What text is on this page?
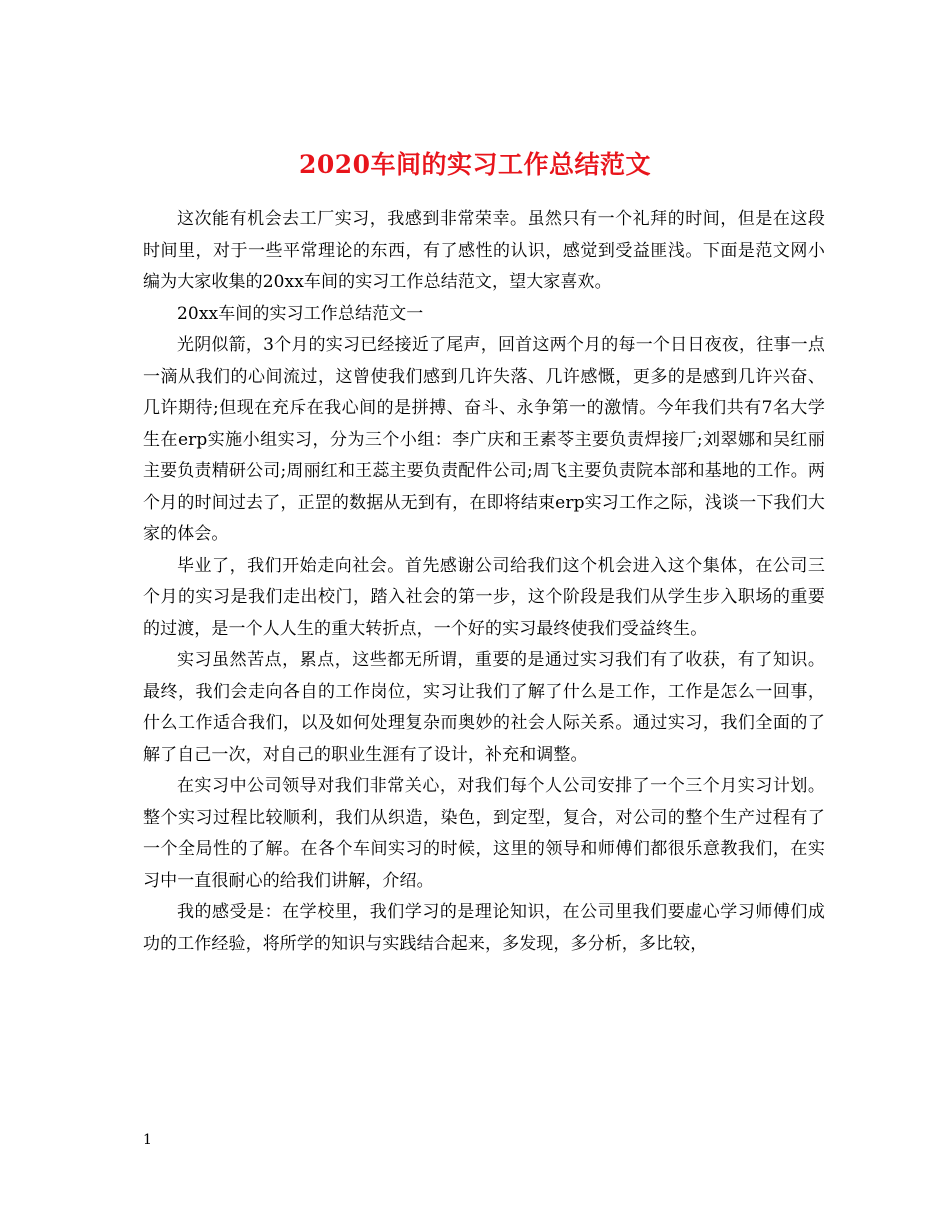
2020车间的实习工作总结范文

这次能有机会去工厂实习，我感到非常荣幸。虽然只有一个礼拜的时间，但是在这段时间里，对于一些平常理论的东西，有了感性的认识，感觉到受益匪浅。下面是范文网小编为大家收集的20xx车间的实习工作总结范文，望大家喜欢。

20xx车间的实习工作总结范文一

光阴似箭，3个月的实习已经接近了尾声，回首这两个月的每一个日日夜夜，往事一点一滴从我们的心间流过，这曾使我们感到几许失落、几许感慨，更多的是感到几许兴奋、几许期待;但现在充斥在我心间的是拼搏、奋斗、永争第一的激情。今年我们共有7名大学生在erp实施小组实习，分为三个小组：李广庆和王素苓主要负责焊接厂;刘翠娜和吴红丽主要负责精研公司;周丽红和王蕊主要负责配件公司;周飞主要负责院本部和基地的工作。两个月的时间过去了，正罡的数据从无到有，在即将结束erp实习工作之际，浅谈一下我们大家的体会。

毕业了，我们开始走向社会。首先感谢公司给我们这个机会进入这个集体，在公司三个月的实习是我们走出校门，踏入社会的第一步，这个阶段是我们从学生步入职场的重要的过渡，是一个人人生的重大转折点，一个好的实习最终使我们受益终生。

实习虽然苦点，累点，这些都无所谓，重要的是通过实习我们有了收获，有了知识。最终，我们会走向各自的工作岗位，实习让我们了解了什么是工作，工作是怎么一回事，什么工作适合我们，以及如何处理复杂而奥妙的社会人际关系。通过实习，我们全面的了解了自己一次，对自己的职业生涯有了设计，补充和调整。

在实习中公司领导对我们非常关心，对我们每个人公司安排了一个三个月实习计划。整个实习过程比较顺利，我们从织造，染色，到定型，复合，对公司的整个生产过程有了一个全局性的了解。在各个车间实习的时候，这里的领导和师傅们都很乐意教我们，在实习中一直很耐心的给我们讲解，介绍。

我的感受是：在学校里，我们学习的是理论知识，在公司里我们要虚心学习师傅们成功的工作经验，将所学的知识与实践结合起来，多发现，多分析，多比较，

1
